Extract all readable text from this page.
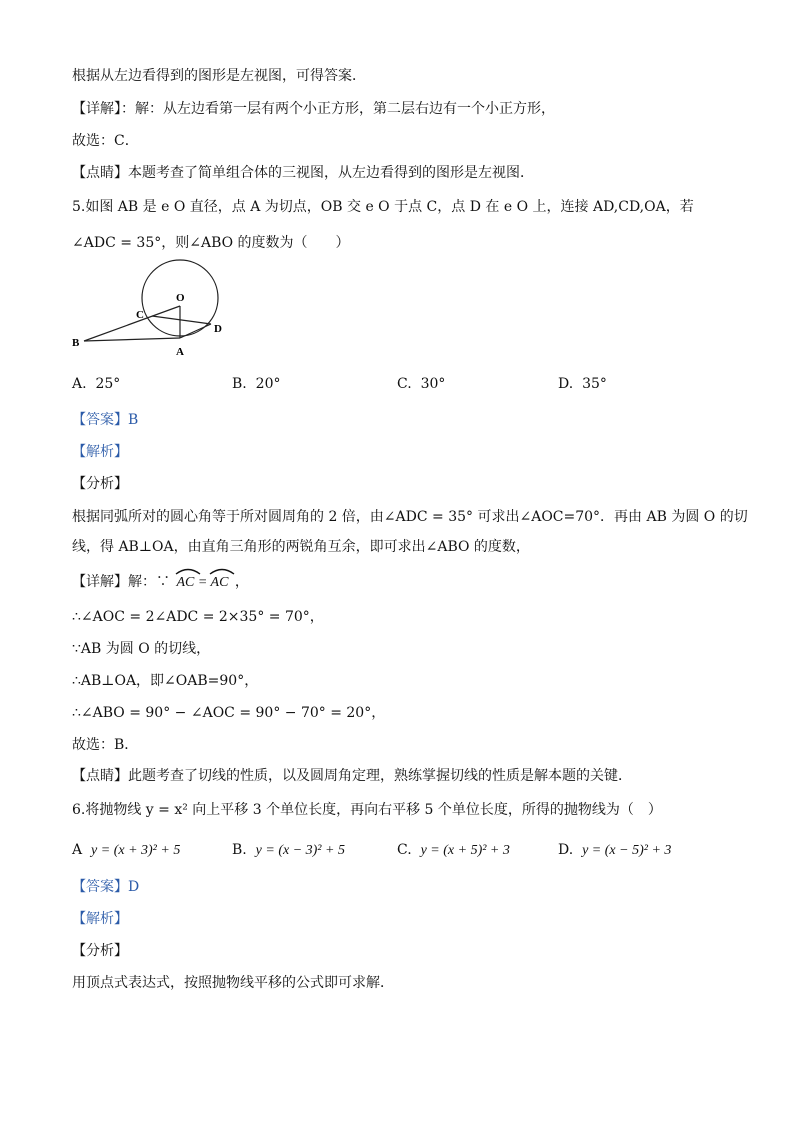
根据从左边看得到的图形是左视图，可得答案．
【详解】：解：从左边看第一层有两个小正方形，第二层右边有一个小正方形，
故选：C．
【点睛】本题考查了简单组合体的三视图，从左边看得到的图形是左视图．
5.如图 AB 是 e O 直径，点 A 为切点，OB 交 e O 于点 C，点 D 在 e O 上，连接 AD,CD,OA，若
∠ADC = 35°，则∠ABO 的度数为（　　）
O
C
D
B
A
A. 25°	B. 20°	C. 30°	D. 35°
【答案】B
【解析】
【分析】
根据同弧所对的圆心角等于所对圆周角的 2 倍，由∠ADC = 35° 可求出∠AOC=70°．再由 AB 为圆 O 的切
线，得 AB⊥OA，由直角三角形的两锐角互余，即可求出∠ABO 的度数，
【详解】解：∵ AC = AC ，
∴∠AOC = 2∠ADC = 2×35° = 70°，
∵AB 为圆 O 的切线，
∴AB⊥OA，即∠OAB=90°，
∴∠ABO = 90° − ∠AOC = 90° − 70° = 20°，
故选：B．
【点睛】此题考查了切线的性质，以及圆周角定理，熟练掌握切线的性质是解本题的关键．
6.将抛物线 y = x² 向上平移 3 个单位长度，再向右平移 5 个单位长度，所得的抛物线为（　）
A y = (x + 3)² + 5	B. y = (x − 3)² + 5	C. y = (x + 5)² + 3	D. y = (x − 5)² + 3
【答案】D
【解析】
【分析】
用顶点式表达式，按照抛物线平移的公式即可求解．
